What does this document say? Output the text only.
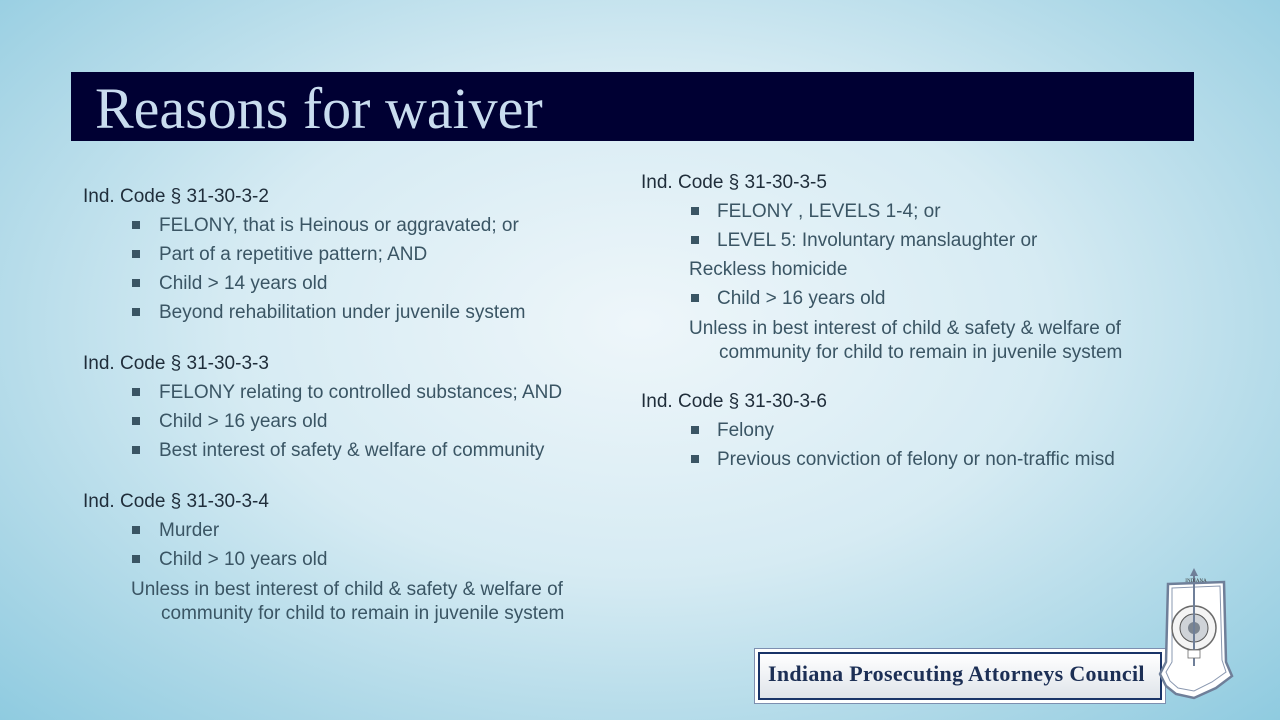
Reasons for waiver
Ind. Code § 31-30-3-2
FELONY, that is Heinous or aggravated; or
Part of a repetitive pattern; AND
Child > 14 years old
Beyond rehabilitation under juvenile system
Ind. Code § 31-30-3-3
FELONY relating to controlled substances; AND
Child > 16 years old
Best interest of safety & welfare of community
Ind. Code § 31-30-3-4
Murder
Child > 10 years old
Unless in best interest of child & safety & welfare of community for child to remain in juvenile system
Ind. Code § 31-30-3-5
FELONY , LEVELS 1-4; or
LEVEL 5: Involuntary manslaughter or
Reckless homicide
Child > 16 years old
Unless in best interest of child & safety & welfare of community for child to remain in juvenile system
Ind. Code § 31-30-3-6
Felony
Previous conviction of felony or non-traffic misd
Indiana Prosecuting Attorneys Council
INDIANA
